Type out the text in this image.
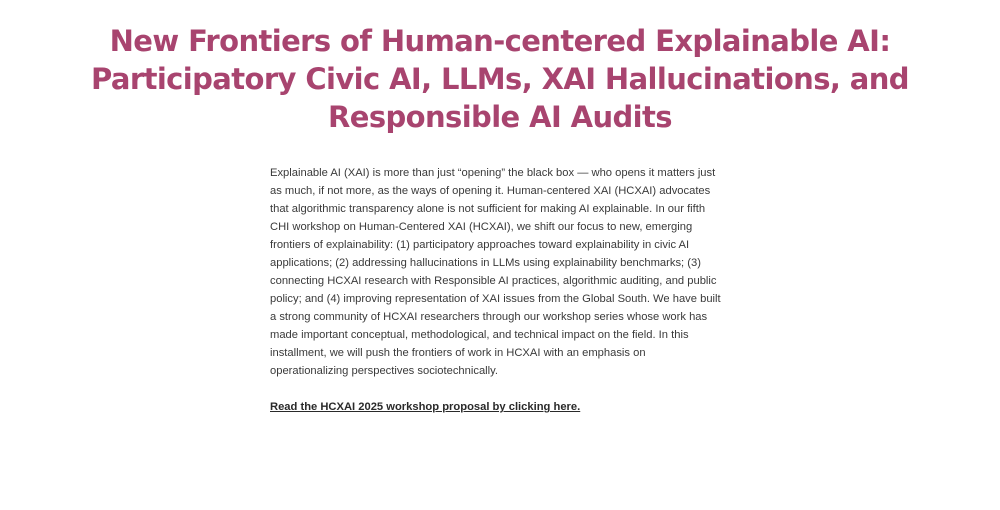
New Frontiers of Human-centered Explainable AI:
Participatory Civic AI, LLMs, XAI Hallucinations, and
Responsible AI Audits
Explainable AI (XAI) is more than just “opening” the black box — who opens it matters just
as much, if not more, as the ways of opening it. Human-centered XAI (HCXAI) advocates
that algorithmic transparency alone is not sufficient for making AI explainable. In our fifth
CHI workshop on Human-Centered XAI (HCXAI), we shift our focus to new, emerging
frontiers of explainability: (1) participatory approaches toward explainability in civic AI
applications; (2) addressing hallucinations in LLMs using explainability benchmarks; (3)
connecting HCXAI research with Responsible AI practices, algorithmic auditing, and public
policy; and (4) improving representation of XAI issues from the Global South. We have built
a strong community of HCXAI researchers through our workshop series whose work has
made important conceptual, methodological, and technical impact on the field. In this
installment, we will push the frontiers of work in HCXAI with an emphasis on
operationalizing perspectives sociotechnically.
Read the HCXAI 2025 workshop proposal by clicking here.
